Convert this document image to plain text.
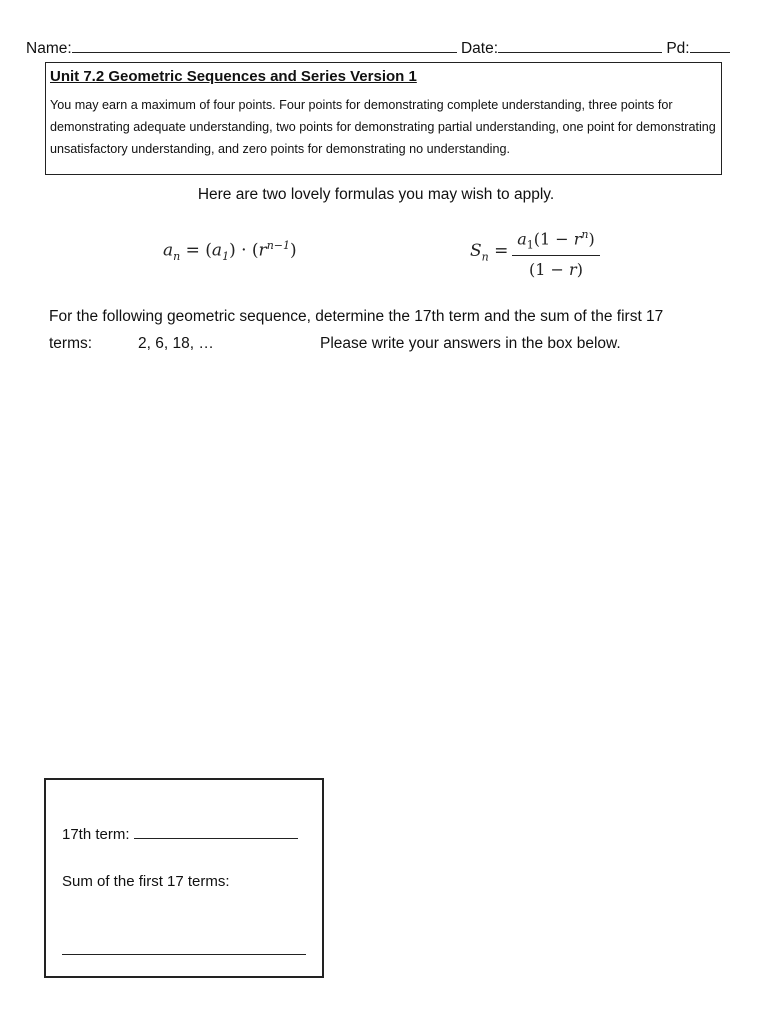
Name:	Date:	Pd:
Unit 7.2 Geometric Sequences and Series Version 1
You may earn a maximum of four points. Four points for demonstrating complete understanding, three points for demonstrating adequate understanding, two points for demonstrating partial understanding, one point for demonstrating unsatisfactory understanding, and zero points for demonstrating no understanding.
Here are two lovely formulas you may wish to apply.
$a_n = (a_1) \cdot (r^{n-1})$	$S_n$ =
$a_1(1 - r^n)$
(1 − r)
For the following geometric sequence, determine the 17th term and the sum of the first 17
terms:	2, 6, 18, …	Please write your answers in the box below.
17th term:
Sum of the first 17 terms:
